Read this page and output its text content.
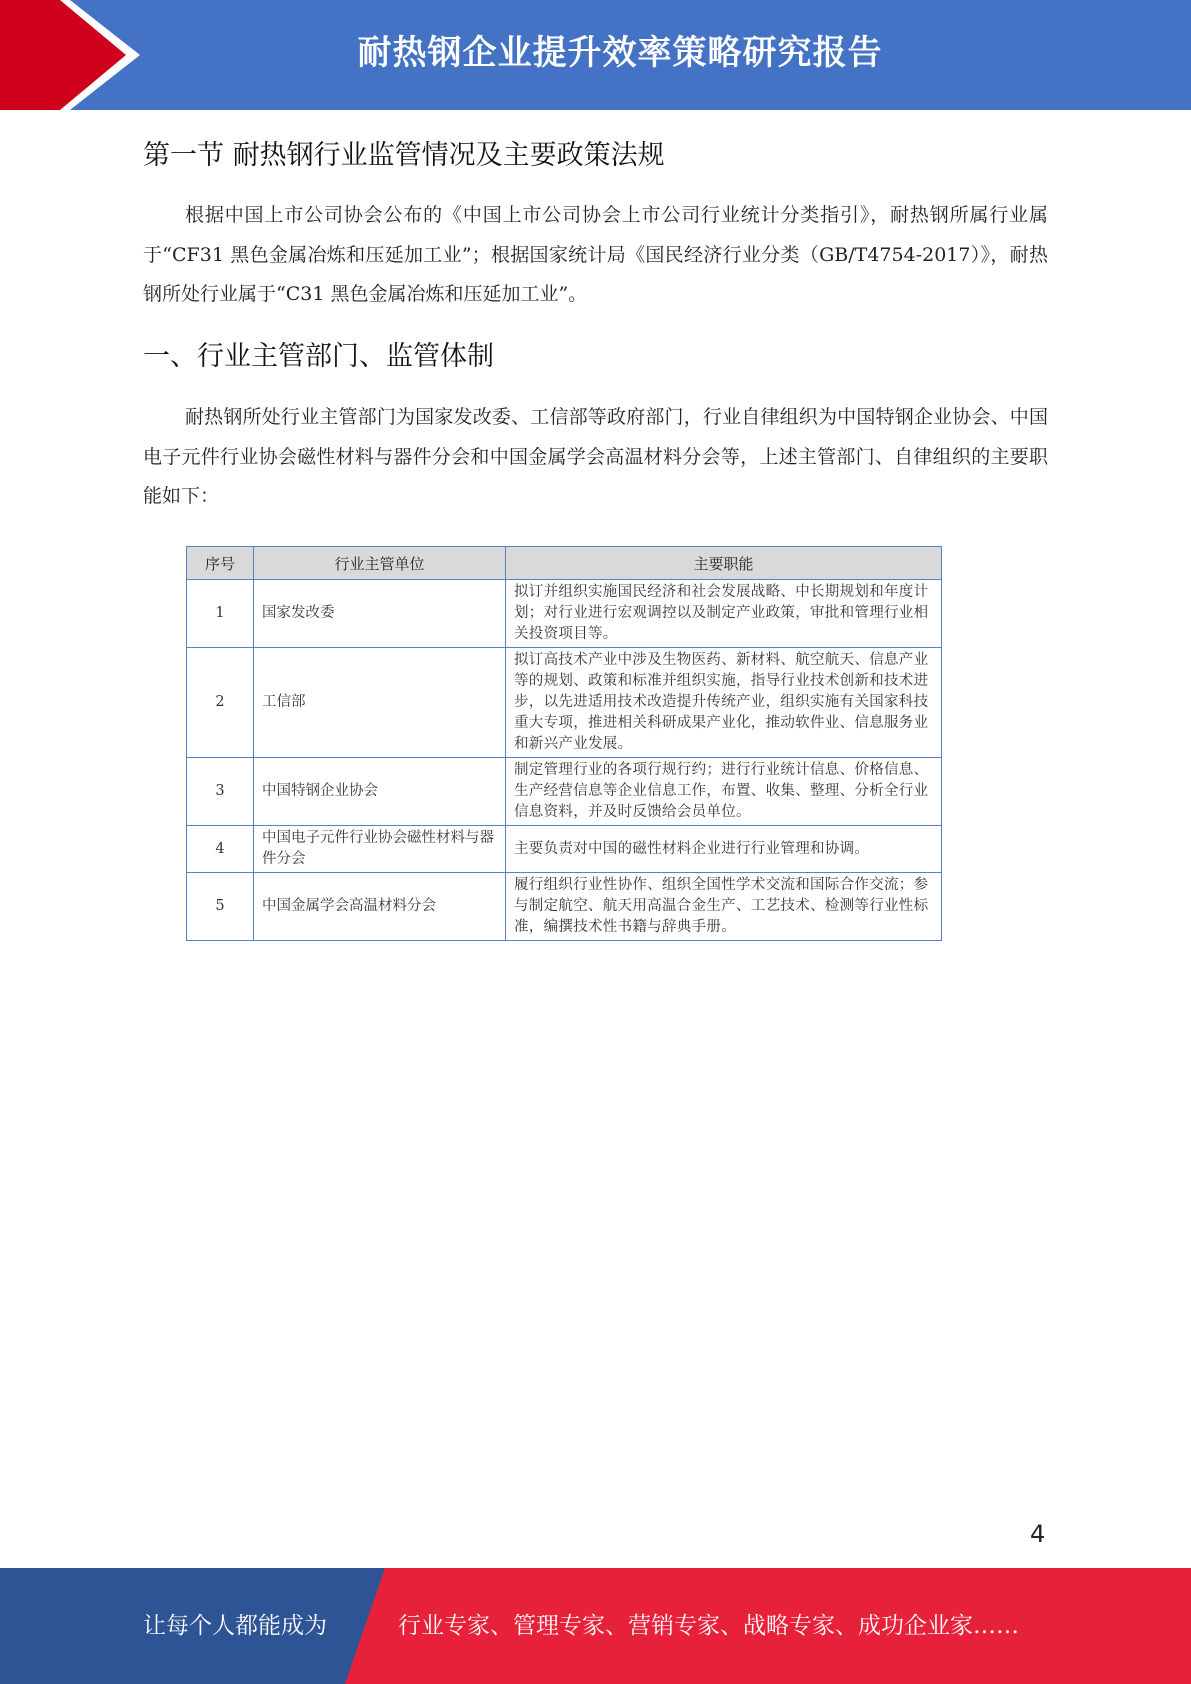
耐热钢企业提升效率策略研究报告
第一节 耐热钢行业监管情况及主要政策法规

根据中国上市公司协会公布的《中国上市公司协会上市公司行业统计分类指引》，耐热钢所属行业属于“CF31 黑色金属冶炼和压延加工业”；根据国家统计局《国民经济行业分类（GB/T4754-2017）》，耐热钢所处行业属于“C31 黑色金属冶炼和压延加工业”。

一、行业主管部门、监管体制

耐热钢所处行业主管部门为国家发改委、工信部等政府部门，行业自律组织为中国特钢企业协会、中国电子元件行业协会磁性材料与器件分会和中国金属学会高温材料分会等，上述主管部门、自律组织的主要职能如下：

序号	行业主管单位	主要职能
1	国家发改委	拟订并组织实施国民经济和社会发展战略、中长期规划和年度计划；对行业进行宏观调控以及制定产业政策，审批和管理行业相关投资项目等。
2	工信部	拟订高技术产业中涉及生物医药、新材料、航空航天、信息产业等的规划、政策和标准并组织实施，指导行业技术创新和技术进步，以先进适用技术改造提升传统产业，组织实施有关国家科技重大专项，推进相关科研成果产业化，推动软件业、信息服务业和新兴产业发展。
3	中国特钢企业协会	制定管理行业的各项行规行约；进行行业统计信息、价格信息、生产经营信息等企业信息工作，布置、收集、整理、分析全行业信息资料，并及时反馈给会员单位。
4	中国电子元件行业协会磁性材料与器件分会	主要负责对中国的磁性材料企业进行行业管理和协调。
5	中国金属学会高温材料分会	履行组织行业性协作、组织全国性学术交流和国际合作交流；参与制定航空、航天用高温合金生产、工艺技术、检测等行业性标准，编撰技术性书籍与辞典手册。
4
让每个人都能成为	行业专家、管理专家、营销专家、战略专家、成功企业家……
